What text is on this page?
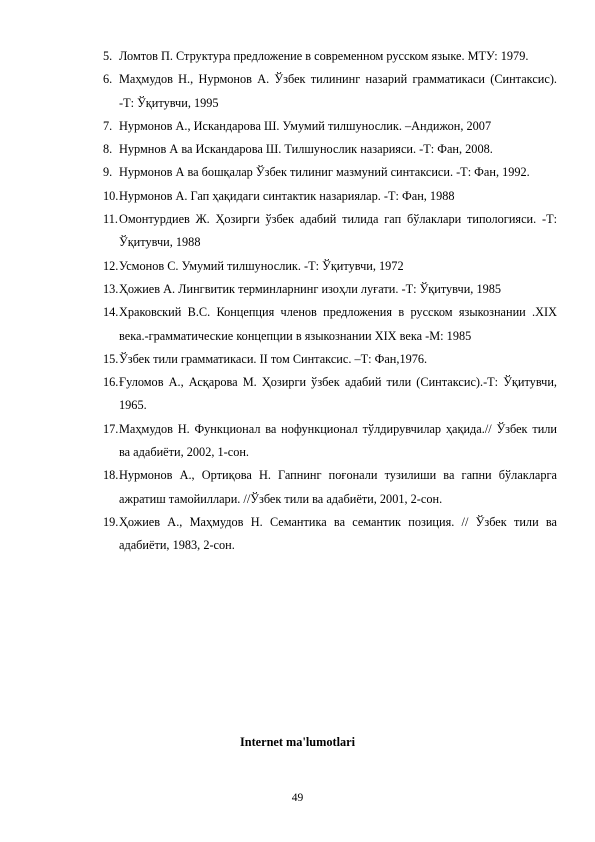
5. Ломтов П. Структура предложение в современном русском языке. МТУ: 1979.
6. Маҳмудов Н., Нурмонов А. Ўзбек тилининг назарий грамматикаси (Синтаксис). -Т: Ўқитувчи, 1995
7. Нурмонов А., Искандарова Ш. Умумий тилшунослик. –Андижон, 2007
8. Нурмнов А ва Искандарова Ш. Тилшунослик назарияси. -Т: Фан, 2008.
9. Нурмонов А ва бошқалар Ўзбек тилиниг мазмуний синтаксиси. -Т: Фан, 1992.
10. Нурмонов А. Гап ҳақидаги синтактик назариялар. -Т: Фан, 1988
11. Омонтурдиев Ж. Ҳозирги ўзбек адабий тилида гап бўлаклари типологияси. -Т: Ўқитувчи, 1988
12. Усмонов С. Умумий тилшунослик. -Т: Ўқитувчи, 1972
13. Ҳожиев А. Лингвитик терминларнинг изоҳли луғати. -Т: Ўқитувчи, 1985
14. Храковский В.С. Концепция членов предложения в русском языкознании .XIX века.-грамматические концепции в языкознании XIX века -М: 1985
15. Ўзбек тили грамматикаси. II том Синтаксис. –Т: Фан,1976.
16. Ғуломов А., Асқарова М. Ҳозирги ўзбек адабий тили (Синтаксис).-Т: Ўқитувчи, 1965.
17. Маҳмудов Н. Функционал ва нофункционал тўлдирувчилар ҳақида.// Ўзбек тили ва адабиёти, 2002, 1-сон.
18. Нурмонов А., Ортиқова Н. Гапнинг поғонали тузилиши ва гапни бўлакларга ажратиш тамойиллари. //Ўзбек тили ва адабиёти, 2001, 2-сон.
19. Ҳожиев А., Маҳмудов Н. Семантика ва семантик позиция. // Ўзбек тили ва адабиёти, 1983, 2-сон.

Internet ma'lumotlari

49
